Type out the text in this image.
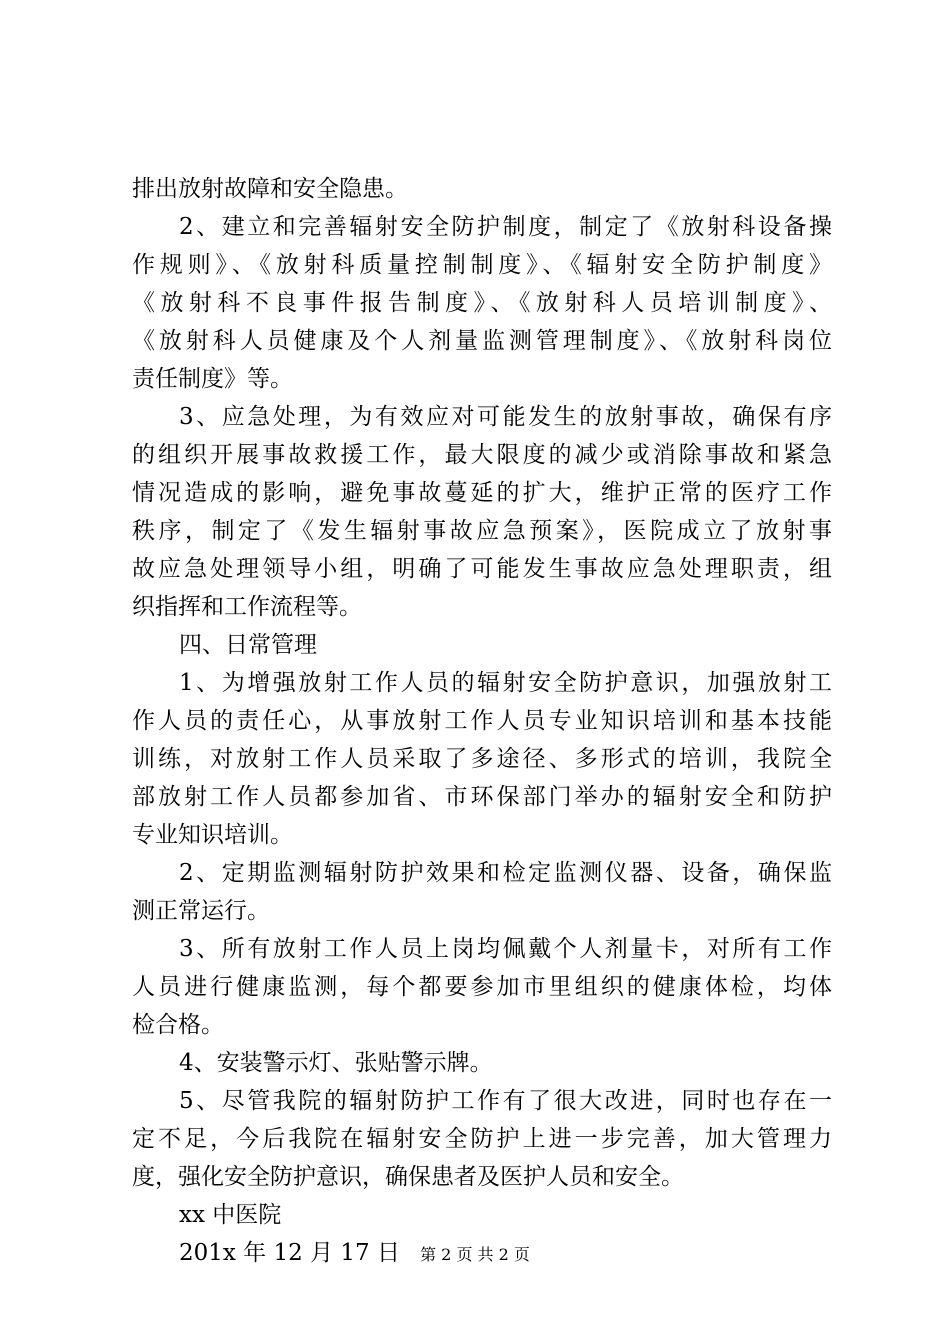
排出放射故障和安全隐患。
2、建立和完善辐射安全防护制度，制定了《放射科设备操
作规则》、《放射科质量控制制度》、《辐射安全防护制度》
《放射科不良事件报告制度》、《放射科人员培训制度》、
《放射科人员健康及个人剂量监测管理制度》、《放射科岗位
责任制度》等。
3、应急处理，为有效应对可能发生的放射事故，确保有序
的组织开展事故救援工作，最大限度的减少或消除事故和紧急
情况造成的影响，避免事故蔓延的扩大，维护正常的医疗工作
秩序，制定了《发生辐射事故应急预案》，医院成立了放射事
故应急处理领导小组，明确了可能发生事故应急处理职责，组
织指挥和工作流程等。
四、日常管理
1、为增强放射工作人员的辐射安全防护意识，加强放射工
作人员的责任心，从事放射工作人员专业知识培训和基本技能
训练，对放射工作人员采取了多途径、多形式的培训，我院全
部放射工作人员都参加省、市环保部门举办的辐射安全和防护
专业知识培训。
2、定期监测辐射防护效果和检定监测仪器、设备，确保监
测正常运行。
3、所有放射工作人员上岗均佩戴个人剂量卡，对所有工作
人员进行健康监测，每个都要参加市里组织的健康体检，均体
检合格。
4、安装警示灯、张贴警示牌。
5、尽管我院的辐射防护工作有了很大改进，同时也存在一
定不足，今后我院在辐射安全防护上进一步完善，加大管理力
度，强化安全防护意识，确保患者及医护人员和安全。
xx 中医院
201x 年 12 月 17 日	第 2 页 共 2 页
